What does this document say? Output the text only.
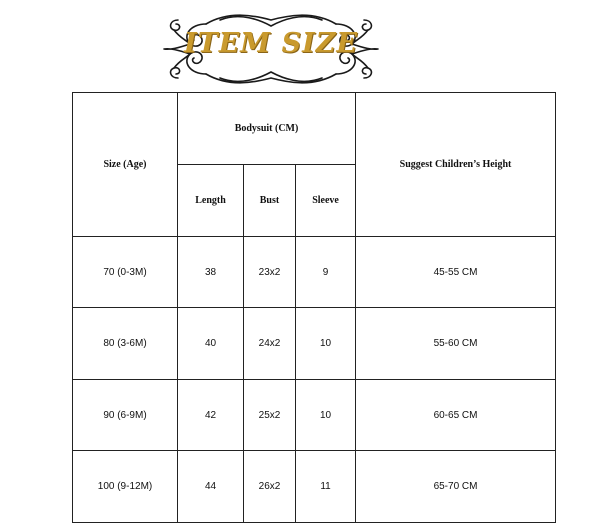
ITEM SIZE
Size (Age)	Bodysuit (CM)			Suggest Children’s Height
	Length	Bust	Sleeve	
70 (0-3M)	38	23x2	9	45-55 CM
80 (3-6M)	40	24x2	10	55-60 CM
90 (6-9M)	42	25x2	10	60-65 CM
100 (9-12M)	44	26x2	11	65-70 CM
